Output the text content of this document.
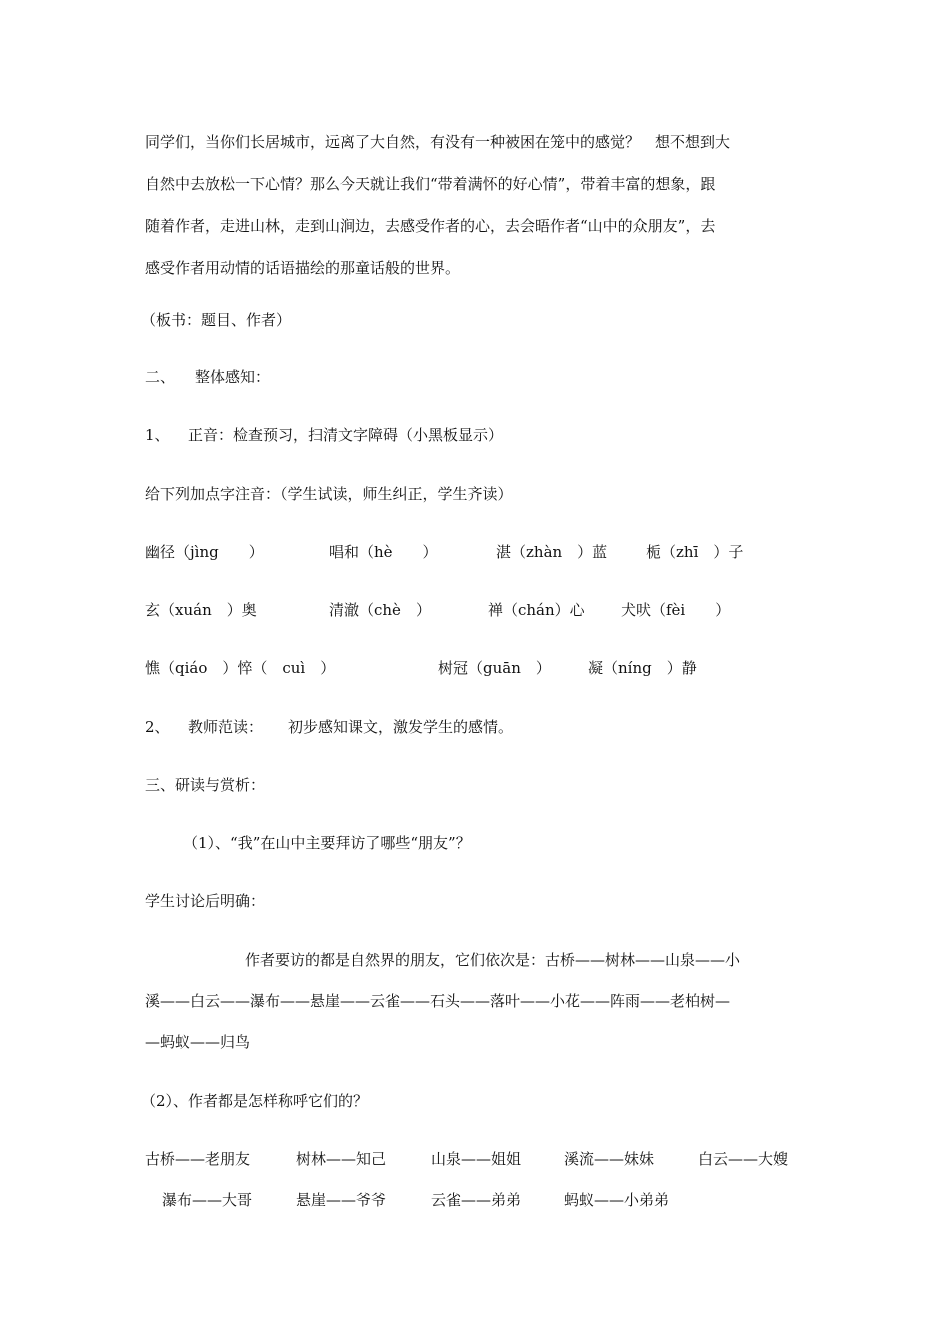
同学们，当你们长居城市，远离了大自然，有没有一种被困在笼中的感觉？　想不想到大
自然中去放松一下心情？那么今天就让我们“带着满怀的好心情”，带着丰富的想象，跟
随着作者，走进山林，走到山涧边，去感受作者的心，去会晤作者“山中的众朋友”，去
感受作者用动情的话语描绘的那童话般的世界。
（板书：题目、作者）
二、 整体感知：
1、 正音：检查预习，扫清文字障碍（小黑板显示）
给下列加点字注音：（学生试读，师生纠正，学生齐读）
幽径（jìng　　）	唱和（hè　　）	湛（zhàn　）蓝	栀（zhī　）子
玄（xuán　）奥	清澈（chè　）	禅（chán）心 犬吠（fèi　　）
憔（qiáo　）悴（　cuì　）	树冠（guān　） 凝（níng　）静
2、 教师范读： 初步感知课文，激发学生的感情。
三、研读与赏析：
（1）、“我”在山中主要拜访了哪些“朋友”？
学生讨论后明确：
作者要访的都是自然界的朋友，它们依次是：古桥——树林——山泉——小
溪——白云——瀑布——悬崖——云雀——石头——落叶——小花——阵雨——老柏树—
—蚂蚁——归鸟
（2）、作者都是怎样称呼它们的？
古桥——老朋友	树林——知己	山泉——姐姐	溪流——妹妹	白云——大嫂
瀑布——大哥	悬崖——爷爷	云雀——弟弟	蚂蚁——小弟弟
